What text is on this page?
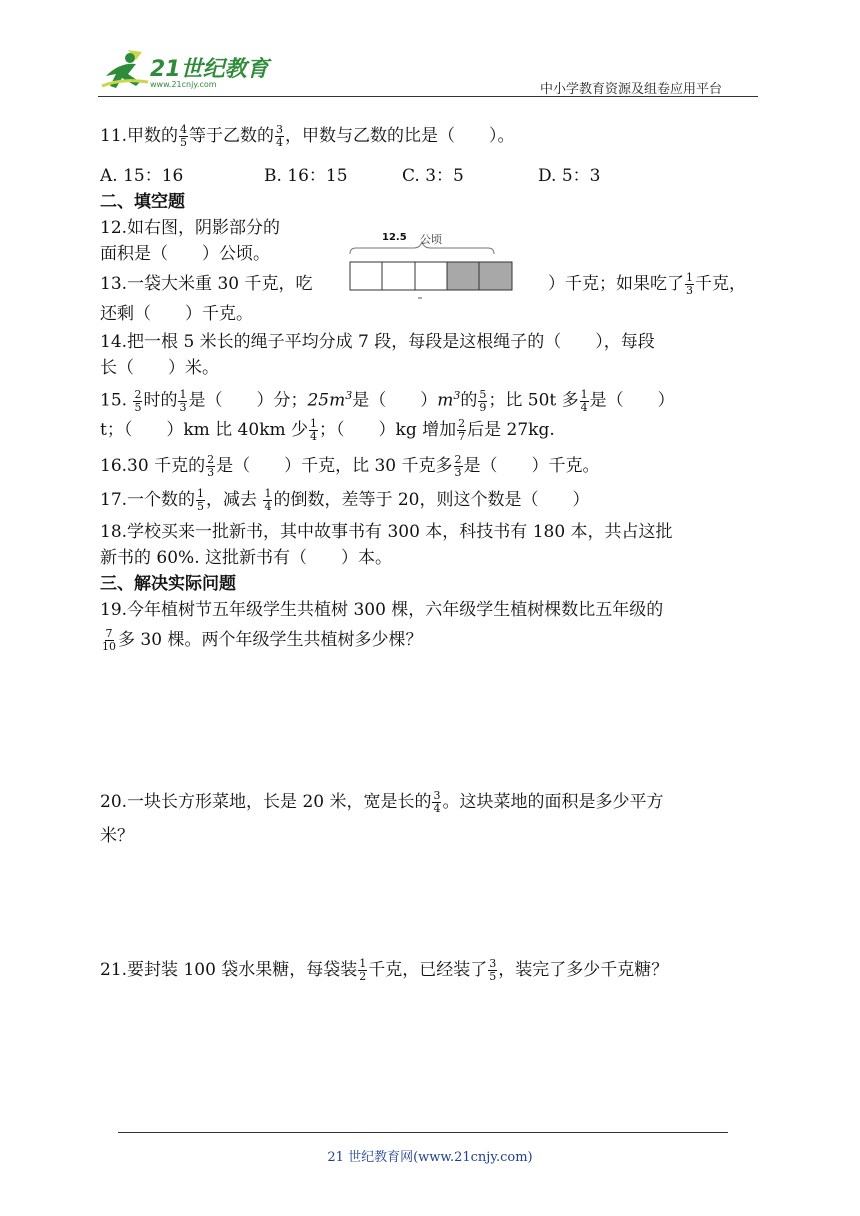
21世纪教育
www.21cnjy.com	中小学教育资源及组卷应用平台
11.甲数的 $\frac{4}{5}$ 等于乙数的 $\frac{3}{4}$ ，甲数与乙数的比是（　　）。
A. 15：16	B. 16：15	C. 3：5	D. 5：3
二、填空题
12.如右图，阴影部分的
面积是（　　）公顷。
13.一袋大米重 30 千克，吃	）千克；如果吃了 $\frac{1}{3}$ 千克，
12.5 公顷
还剩（　　）千克。
14.把一根 5 米长的绳子平均分成 7 段，每段是这根绳子的（　　），每段
长（　　）米。
15. $\frac{2}{5}$ 时的 $\frac{1}{3}$ 是（　　）分；$25m^3$是（　　）$m^3$的 $\frac{5}{9}$ ；比 50t 多 $\frac{1}{4}$ 是（　　）
t；（　　）km 比 40km 少 $\frac{1}{4}$ ；（　　）kg 增加 $\frac{2}{7}$ 后是 27kg.
16.30 千克的 $\frac{2}{3}$ 是（　　）千克，比 30 千克多 $\frac{2}{3}$ 是（　　）千克。
17.一个数的 $\frac{1}{5}$ ，减去 $\frac{1}{4}$ 的倒数，差等于 20，则这个数是（　　）
18.学校买来一批新书，其中故事书有 300 本，科技书有 180 本，共占这批
新书的 60%. 这批新书有（　　）本。
三、解决实际问题
19.今年植树节五年级学生共植树 300 棵，六年级学生植树棵数比五年级的
$\frac{7}{10}$ 多 30 棵。两个年级学生共植树多少棵？
20.一块长方形菜地，长是 20 米，宽是长的 $\frac{3}{4}$ 。这块菜地的面积是多少平方
米？
21.要封装 100 袋水果糖，每袋装 $\frac{1}{2}$ 千克，已经装了 $\frac{3}{5}$ ，装完了多少千克糖？
21 世纪教育网(www.21cnjy.com)
